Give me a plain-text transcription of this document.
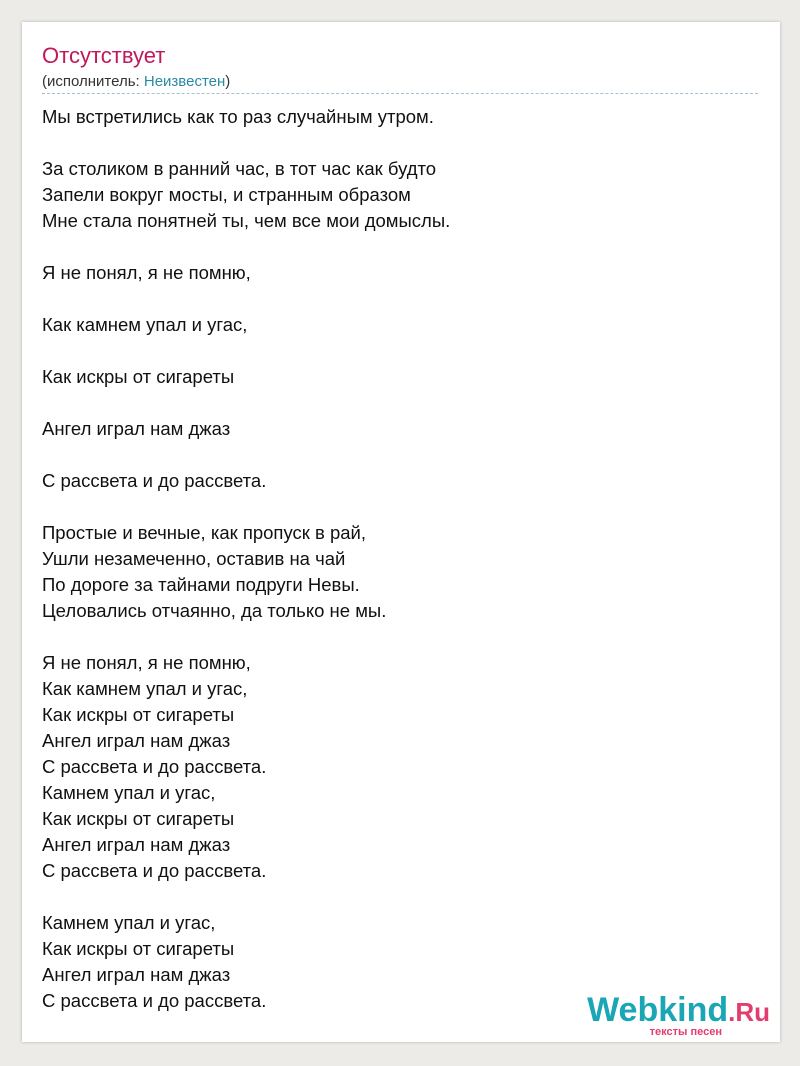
Отсутствует
(исполнитель: Неизвестен)
Мы встретились как то раз случайным утром.
За столиком в ранний час, в тот час как будто
Запели вокруг мосты, и странным образом
Мне стала понятней ты, чем все мои домыслы.
Я не понял, я не помню,
Как камнем упал и угас,
Как искры от сигареты
Ангел играл нам джаз
С рассвета и до рассвета.
Простые и вечные, как пропуск в рай,
Ушли незамеченно, оставив на чай
По дороге за тайнами подруги Невы.
Целовались отчаянно, да только не мы.
Я не понял, я не помню,
Как камнем упал и угас,
Как искры от сигареты
Ангел играл нам джаз
С рассвета и до рассвета.
Камнем упал и угас,
Как искры от сигареты
Ангел играл нам джаз
С рассвета и до рассвета.
Камнем упал и угас,
Как искры от сигареты
Ангел играл нам джаз
С рассвета и до рассвета.	Webkind.Ru
тексты песен
